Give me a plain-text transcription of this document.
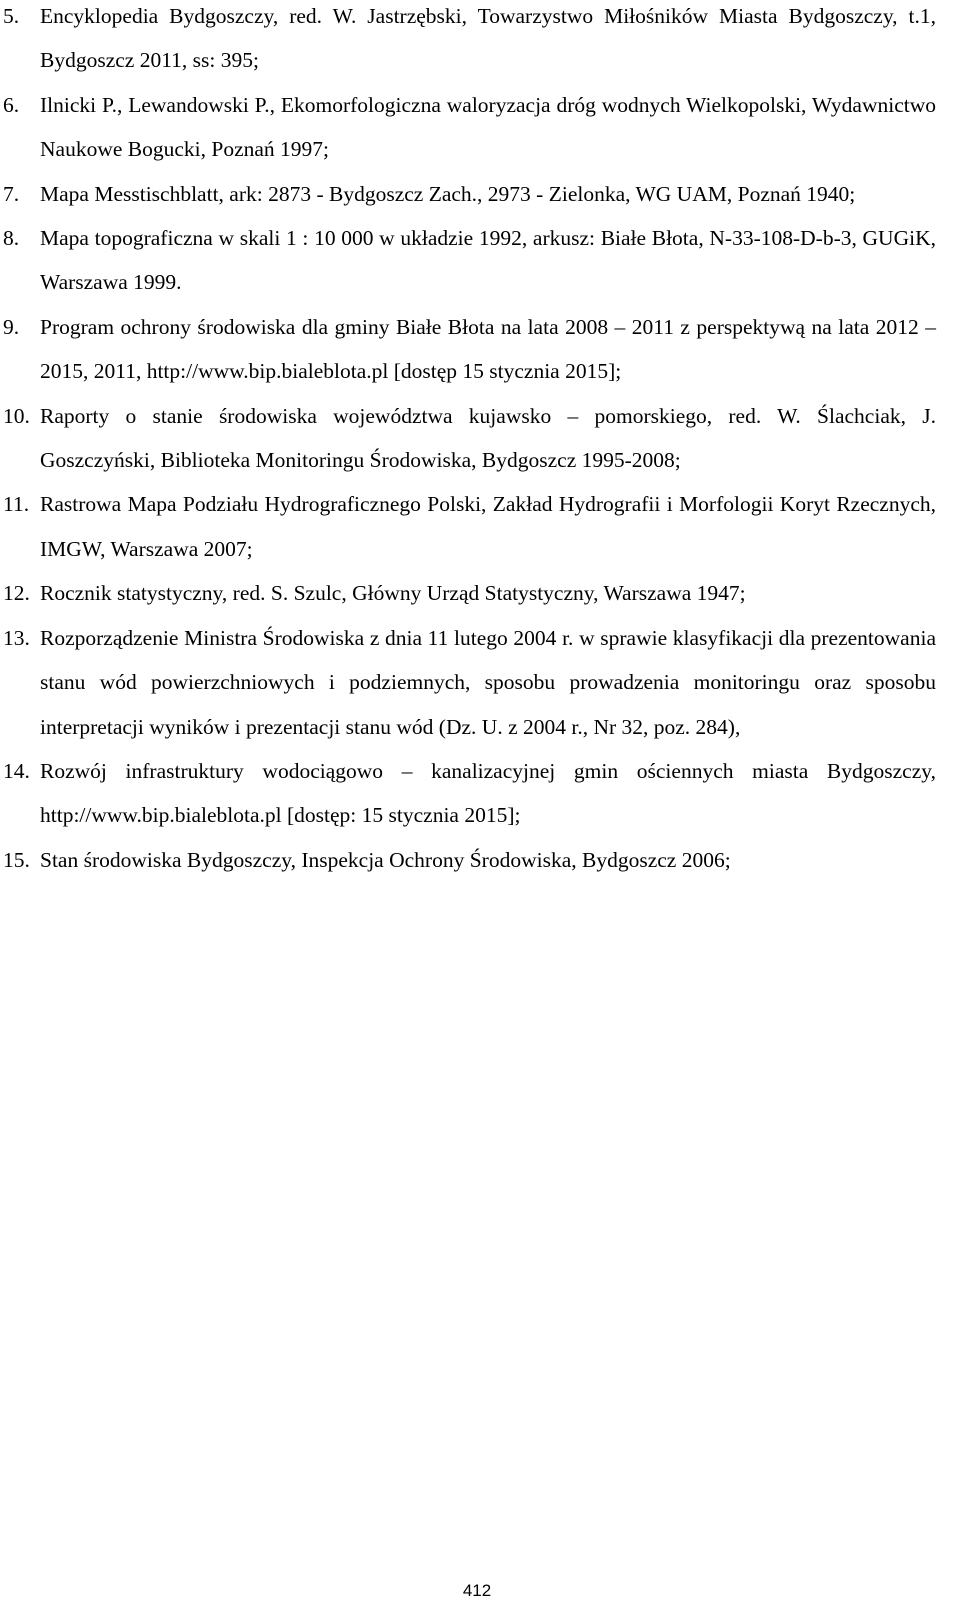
5. Encyklopedia Bydgoszczy, red. W. Jastrzębski, Towarzystwo Miłośników Miasta Bydgoszczy, t.1, Bydgoszcz 2011, ss: 395;
6. Ilnicki P., Lewandowski P., Ekomorfologiczna waloryzacja dróg wodnych Wielkopolski, Wydawnictwo Naukowe Bogucki, Poznań 1997;
7. Mapa Messtischblatt, ark: 2873 - Bydgoszcz Zach., 2973 - Zielonka, WG UAM, Poznań 1940;
8. Mapa topograficzna w skali 1 : 10 000 w układzie 1992, arkusz: Białe Błota, N-33-108-D-b-3, GUGiK, Warszawa 1999.
9. Program ochrony środowiska dla gminy Białe Błota na lata 2008 – 2011 z perspektywą na lata 2012 – 2015, 2011, http://www.bip.bialeblota.pl [dostęp 15 stycznia 2015];
10. Raporty o stanie środowiska województwa kujawsko – pomorskiego, red. W. Ślachciak, J. Goszczyński, Biblioteka Monitoringu Środowiska, Bydgoszcz 1995-2008;
11. Rastrowa Mapa Podziału Hydrograficznego Polski, Zakład Hydrografii i Morfologii Koryt Rzecznych, IMGW, Warszawa 2007;
12. Rocznik statystyczny, red. S. Szulc, Główny Urząd Statystyczny, Warszawa 1947;
13. Rozporządzenie Ministra Środowiska z dnia 11 lutego 2004 r. w sprawie klasyfikacji dla prezentowania stanu wód powierzchniowych i podziemnych, sposobu prowadzenia monitoringu oraz sposobu interpretacji wyników i prezentacji stanu wód (Dz. U. z 2004 r., Nr 32, poz. 284),
14. Rozwój infrastruktury wodociągowo – kanalizacyjnej gmin ościennych miasta Bydgoszczy, http://www.bip.bialeblota.pl [dostęp: 15 stycznia 2015];
15. Stan środowiska Bydgoszczy, Inspekcja Ochrony Środowiska, Bydgoszcz 2006;
412
